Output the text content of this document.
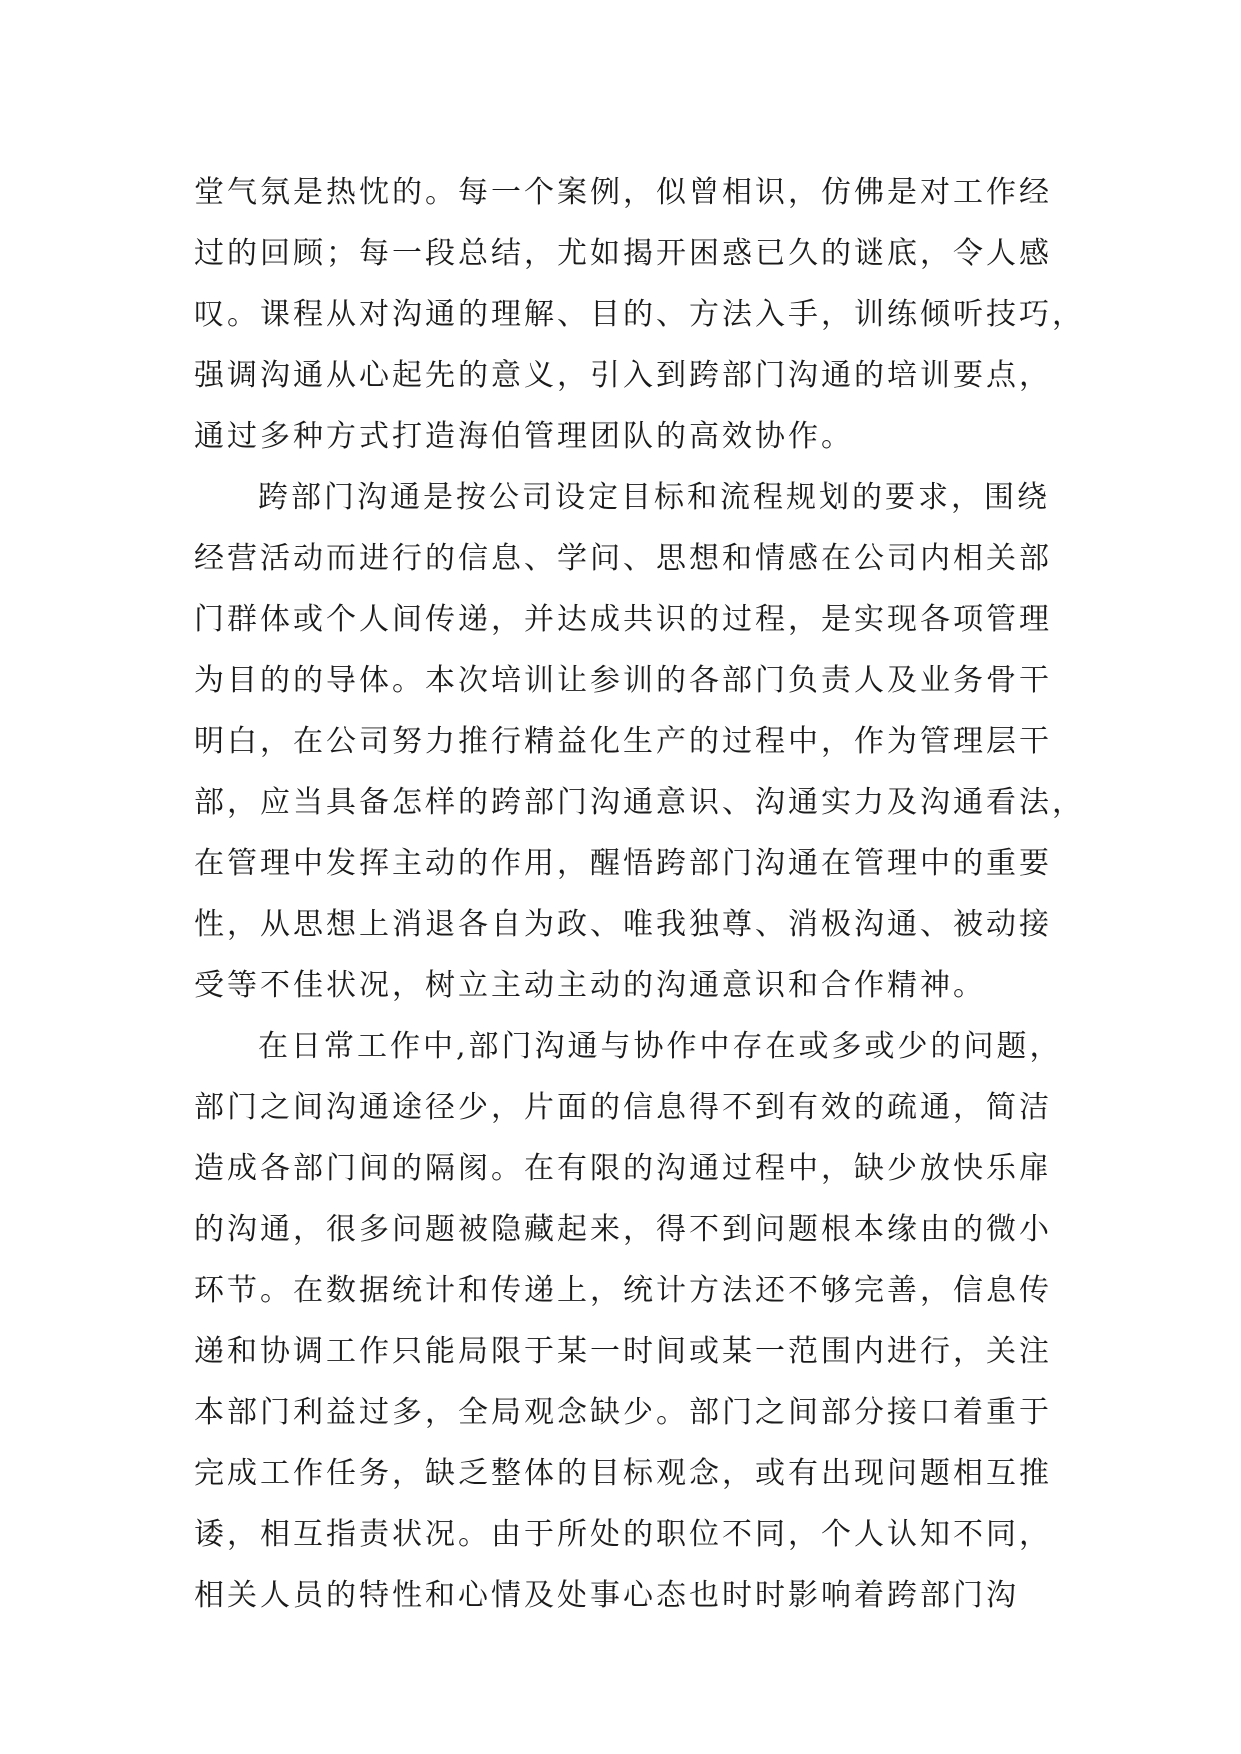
堂气氛是热忱的。每一个案例，似曾相识，仿佛是对工作经
过的回顾；每一段总结，尤如揭开困惑已久的谜底，令人感
叹。课程从对沟通的理解、目的、方法入手，训练倾听技巧，
强调沟通从心起先的意义，引入到跨部门沟通的培训要点，
通过多种方式打造海伯管理团队的高效协作。
跨部门沟通是按公司设定目标和流程规划的要求，围绕
经营活动而进行的信息、学问、思想和情感在公司内相关部
门群体或个人间传递，并达成共识的过程，是实现各项管理
为目的的导体。本次培训让参训的各部门负责人及业务骨干
明白，在公司努力推行精益化生产的过程中，作为管理层干
部，应当具备怎样的跨部门沟通意识、沟通实力及沟通看法，
在管理中发挥主动的作用，醒悟跨部门沟通在管理中的重要
性，从思想上消退各自为政、唯我独尊、消极沟通、被动接
受等不佳状况，树立主动主动的沟通意识和合作精神。
在日常工作中,部门沟通与协作中存在或多或少的问题，
部门之间沟通途径少，片面的信息得不到有效的疏通，简洁
造成各部门间的隔阂。在有限的沟通过程中，缺少放快乐扉
的沟通，很多问题被隐藏起来，得不到问题根本缘由的微小
环节。在数据统计和传递上，统计方法还不够完善，信息传
递和协调工作只能局限于某一时间或某一范围内进行，关注
本部门利益过多，全局观念缺少。部门之间部分接口着重于
完成工作任务，缺乏整体的目标观念，或有出现问题相互推
诿，相互指责状况。由于所处的职位不同，个人认知不同，
相关人员的特性和心情及处事心态也时时影响着跨部门沟
